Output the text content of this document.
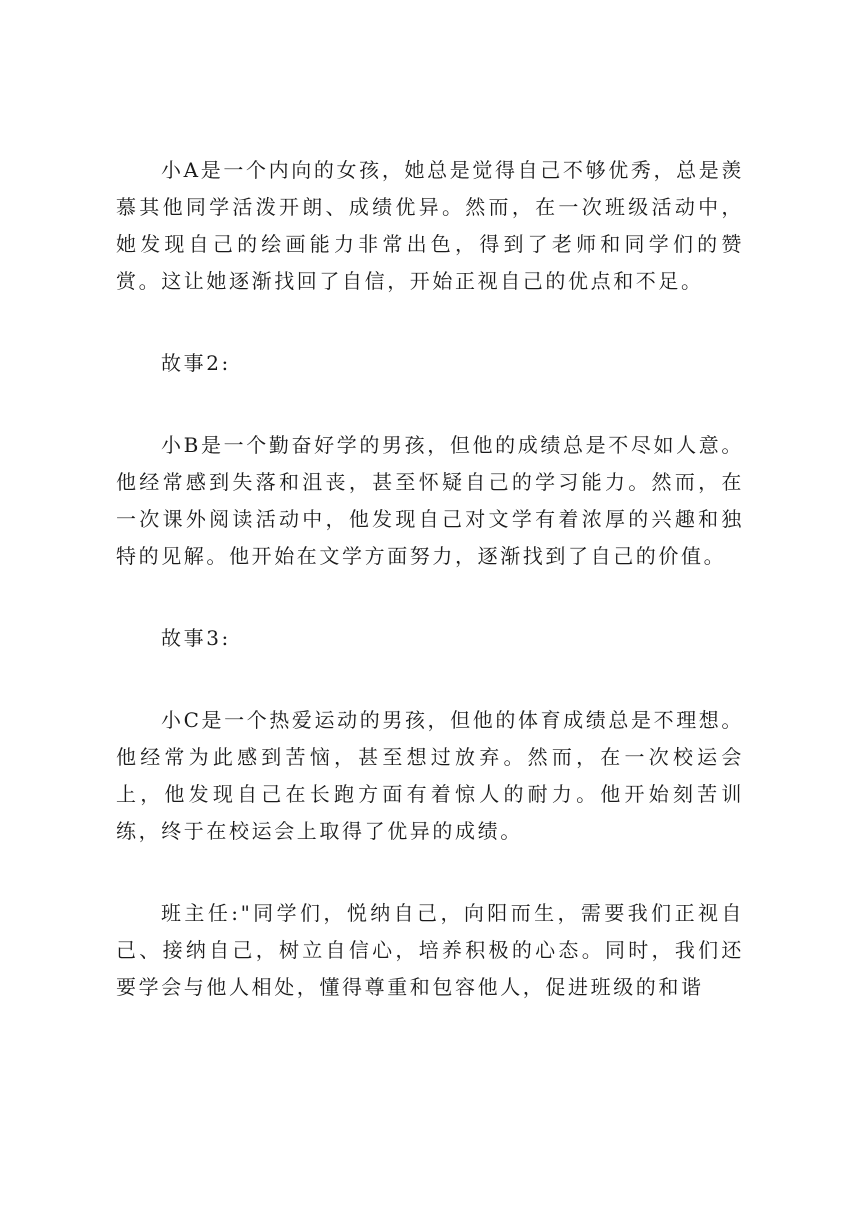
小A是一个内向的女孩，她总是觉得自己不够优秀，总是羡慕其他同学活泼开朗、成绩优异。然而，在一次班级活动中，她发现自己的绘画能力非常出色，得到了老师和同学们的赞赏。这让她逐渐找回了自信，开始正视自己的优点和不足。

故事2:

小B是一个勤奋好学的男孩，但他的成绩总是不尽如人意。他经常感到失落和沮丧，甚至怀疑自己的学习能力。然而，在一次课外阅读活动中，他发现自己对文学有着浓厚的兴趣和独特的见解。他开始在文学方面努力，逐渐找到了自己的价值。

故事3:

小C是一个热爱运动的男孩，但他的体育成绩总是不理想。他经常为此感到苦恼，甚至想过放弃。然而，在一次校运会上，他发现自己在长跑方面有着惊人的耐力。他开始刻苦训练，终于在校运会上取得了优异的成绩。

班主任:"同学们，悦纳自己，向阳而生，需要我们正视自己、接纳自己，树立自信心，培养积极的心态。同时，我们还要学会与他人相处，懂得尊重和包容他人，促进班级的和谐
